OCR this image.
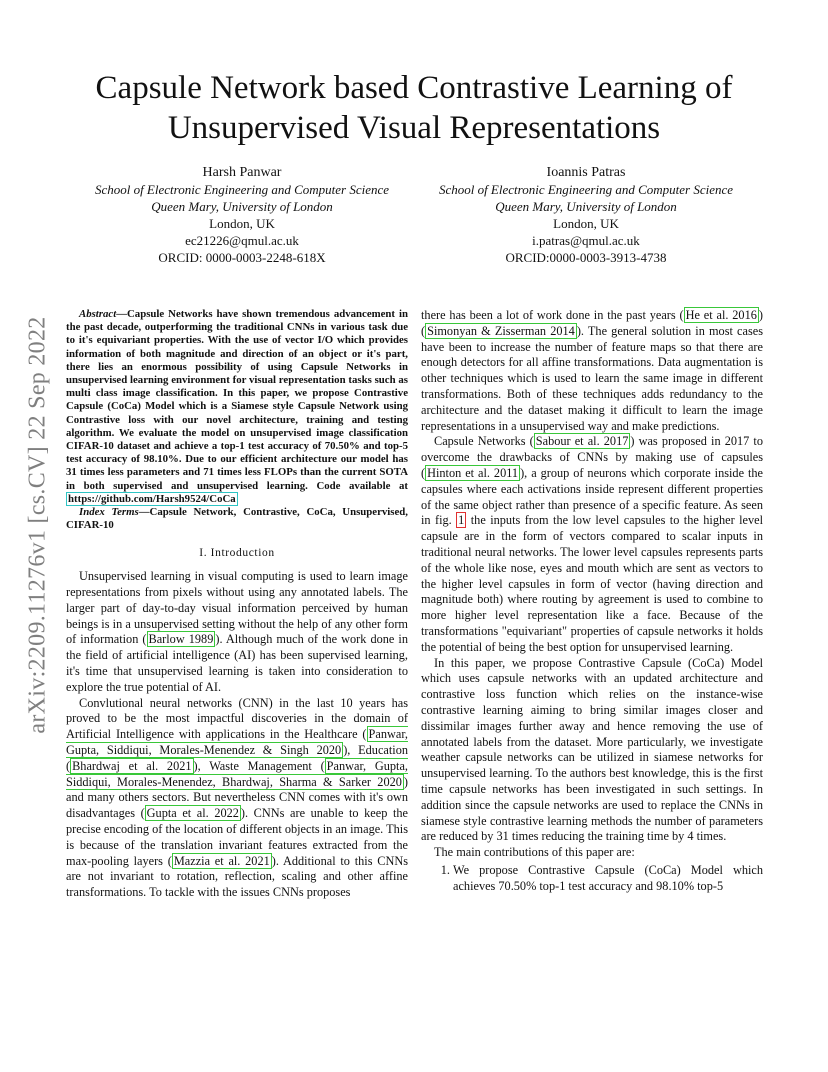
Capsule Network based Contrastive Learning of Unsupervised Visual Representations
Harsh Panwar
School of Electronic Engineering and Computer Science
Queen Mary, University of London
London, UK
ec21226@qmul.ac.uk
ORCID: 0000-0003-2248-618X
Ioannis Patras
School of Electronic Engineering and Computer Science
Queen Mary, University of London
London, UK
i.patras@qmul.ac.uk
ORCID:0000-0003-3913-4738
arXiv:2209.11276v1 [cs.CV] 22 Sep 2022

Abstract—Capsule Networks have shown tremendous advancement in the past decade, outperforming the traditional CNNs in various task due to it's equivariant properties. With the use of vector I/O which provides information of both magnitude and direction of an object or it's part, there lies an enormous possibility of using Capsule Networks in unsupervised learning environment for visual representation tasks such as multi class image classification. In this paper, we propose Contrastive Capsule (CoCa) Model which is a Siamese style Capsule Network using Contrastive loss with our novel architecture, training and testing algorithm. We evaluate the model on unsupervised image classification CIFAR-10 dataset and achieve a top-1 test accuracy of 70.50% and top-5 test accuracy of 98.10%. Due to our efficient architecture our model has 31 times less parameters and 71 times less FLOPs than the current SOTA in both supervised and unsupervised learning. Code available at https://github.com/Harsh9524/CoCa

Index Terms—Capsule Network, Contrastive, CoCa, Unsupervised, CIFAR-10

I. Introduction

Unsupervised learning in visual computing is used to learn image representations from pixels without using any annotated labels. The larger part of day-to-day visual information perceived by human beings is in a unsupervised setting without the help of any other form of information ( Barlow 1989 ). Although much of the work done in the field of artificial intelligence (AI) has been supervised learning, it's time that unsupervised learning is taken into consideration to explore the true potential of AI.

Convlutional neural networks (CNN) in the last 10 years has proved to be the most impactful discoveries in the domain of Artificial Intelligence with applications in the Healthcare ( Panwar, Gupta, Siddiqui, Morales-Menendez & Singh 2020 ), Education ( Bhardwaj et al. 2021 ), Waste Management ( Panwar, Gupta, Siddiqui, Morales-Menendez, Bhardwaj, Sharma & Sarker 2020 ) and many others sectors. But nevertheless CNN comes with it's own disadvantages ( Gupta et al. 2022 ). CNNs are unable to keep the precise encoding of the location of different objects in an image. This is because of the translation invariant features extracted from the max-pooling layers ( Mazzia et al. 2021 ). Additional to this CNNs are not invariant to rotation, reflection, scaling and other affine transformations. To tackle with the issues CNNs proposes

there has been a lot of work done in the past years ( He et al. 2016 ) ( Simonyan & Zisserman 2014 ). The general solution in most cases have been to increase the number of feature maps so that there are enough detectors for all affine transformations. Data augmentation is other techniques which is used to learn the same image in different transformations. Both of these techniques adds redundancy to the architecture and the dataset making it difficult to learn the image representations in a unsupervised way and make predictions.

Capsule Networks ( Sabour et al. 2017 ) was proposed in 2017 to overcome the drawbacks of CNNs by making use of capsules ( Hinton et al. 2011 ), a group of neurons which corporate inside the capsules where each activations inside represent different properties of the same object rather than presence of a specific feature. As seen in fig. 1 the inputs from the low level capsules to the higher level capsule are in the form of vectors compared to scalar inputs in traditional neural networks. The lower level capsules represents parts of the whole like nose, eyes and mouth which are sent as vectors to the higher level capsules in form of vector (having direction and magnitude both) where routing by agreement is used to combine to more higher level representation like a face. Because of the transformations "equivariant" properties of capsule networks it holds the potential of being the best option for unsupervised learning.

In this paper, we propose Contrastive Capsule (CoCa) Model which uses capsule networks with an updated architecture and contrastive loss function which relies on the instance-wise contrastive learning aiming to bring similar images closer and dissimilar images further away and hence removing the use of annotated labels from the dataset. More particularly, we investigate weather capsule networks can be utilized in siamese networks for unsupervised learning. To the authors best knowledge, this is the first time capsule networks has been investigated in such settings. In addition since the capsule networks are used to replace the CNNs in siamese style contrastive learning methods the number of parameters are reduced by 31 times reducing the training time by 4 times.

The main contributions of this paper are:

1. We propose Contrastive Capsule (CoCa) Model which achieves 70.50% top-1 test accuracy and 98.10% top-5
